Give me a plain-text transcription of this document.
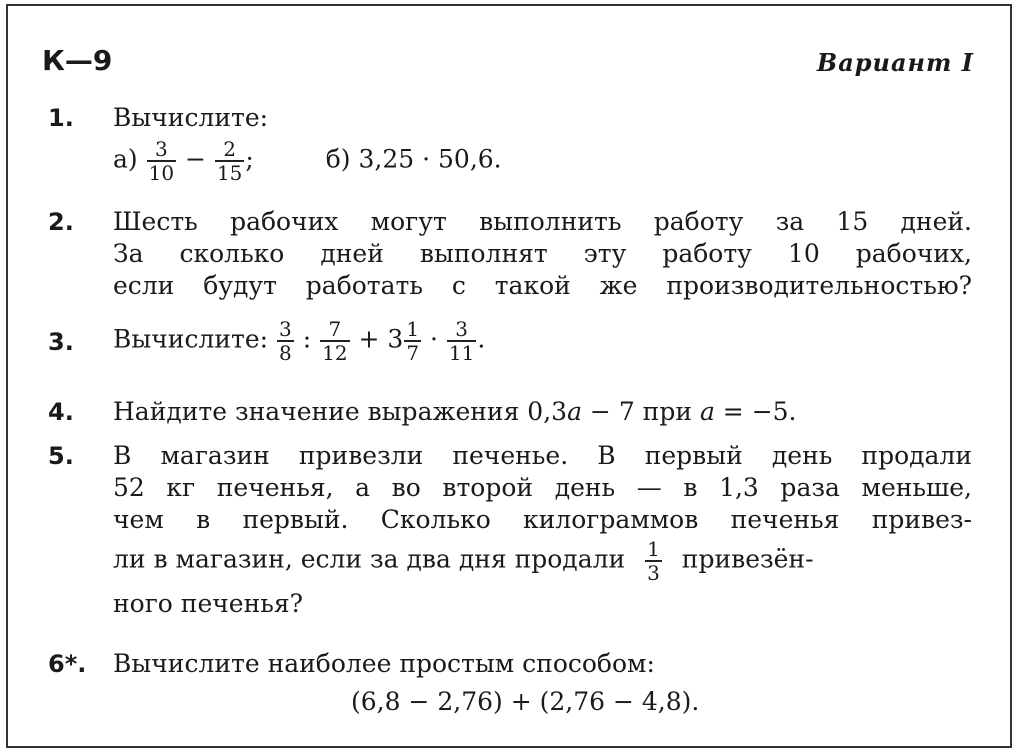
К—9	Вариант I
1. Вычислите:
$а) \frac{3}{10} - \frac{2}{15}$ ;	б) 3,25 · 50,6.
2. Шесть рабочих могут выполнить работу за 15 дней.
За сколько дней выполнят эту работу 10 рабочих,
если будут работать с такой же производительностью?
3. Вычислите: $\frac{3}{8}$ : $\frac{7}{12} + 3 \frac{1}{7} \cdot \frac{3}{11}$ .
4. Найдите значение выражения 0,3a − 7 при a = −5.
5. В магазин привезли печенье. В первый день продали
52 кг печенья, а во второй день — в 1,3 раза меньше,
чем в первый. Сколько килограммов печенья привез-
ли в магазин, если за два дня продали $\frac{1}{3}$ привезён-
ного печенья?
6*. Вычислите наиболее простым способом:
(6,8 − 2,76) + (2,76 − 4,8).
